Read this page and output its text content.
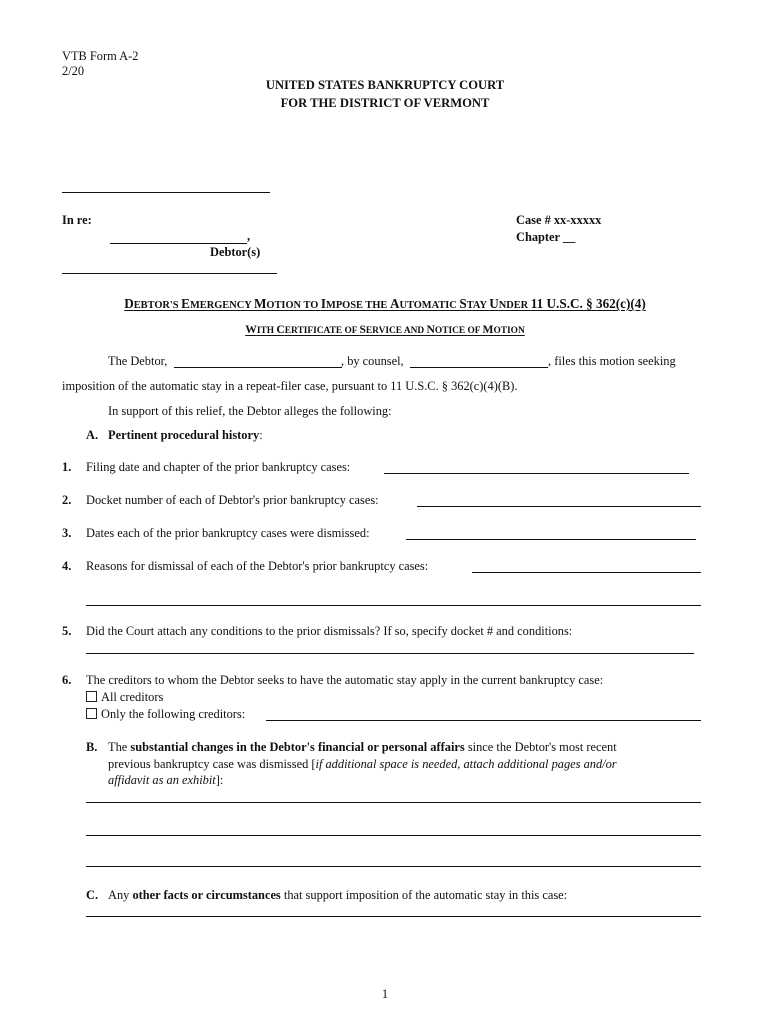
VTB Form A-2
2/20
UNITED STATES BANKRUPTCY COURT
FOR THE DISTRICT OF VERMONT
In re:
,
Debtor(s)
Case # xx-xxxxx
Chapter __
DEBTOR'S EMERGENCY MOTION TO IMPOSE THE AUTOMATIC STAY UNDER 11 U.S.C. § 362(c)(4)
WITH CERTIFICATE OF SERVICE AND NOTICE OF MOTION
The Debtor,	, by counsel,	, files this motion seeking
imposition of the automatic stay in a repeat-filer case, pursuant to 11 U.S.C. § 362(c)(4)(B).
In support of this relief, the Debtor alleges the following:
A. Pertinent procedural history:
1. Filing date and chapter of the prior bankruptcy cases:
2. Docket number of each of Debtor's prior bankruptcy cases:
3. Dates each of the prior bankruptcy cases were dismissed:
4. Reasons for dismissal of each of the Debtor's prior bankruptcy cases:
5. Did the Court attach any conditions to the prior dismissals? If so, specify docket # and conditions:
6. The creditors to whom the Debtor seeks to have the automatic stay apply in the current bankruptcy case:
All creditors
Only the following creditors:
B. The substantial changes in the Debtor's financial or personal affairs since the Debtor's most recent
previous bankruptcy case was dismissed [if additional space is needed, attach additional pages and/or
affidavit as an exhibit]:
C. Any other facts or circumstances that support imposition of the automatic stay in this case:
1
